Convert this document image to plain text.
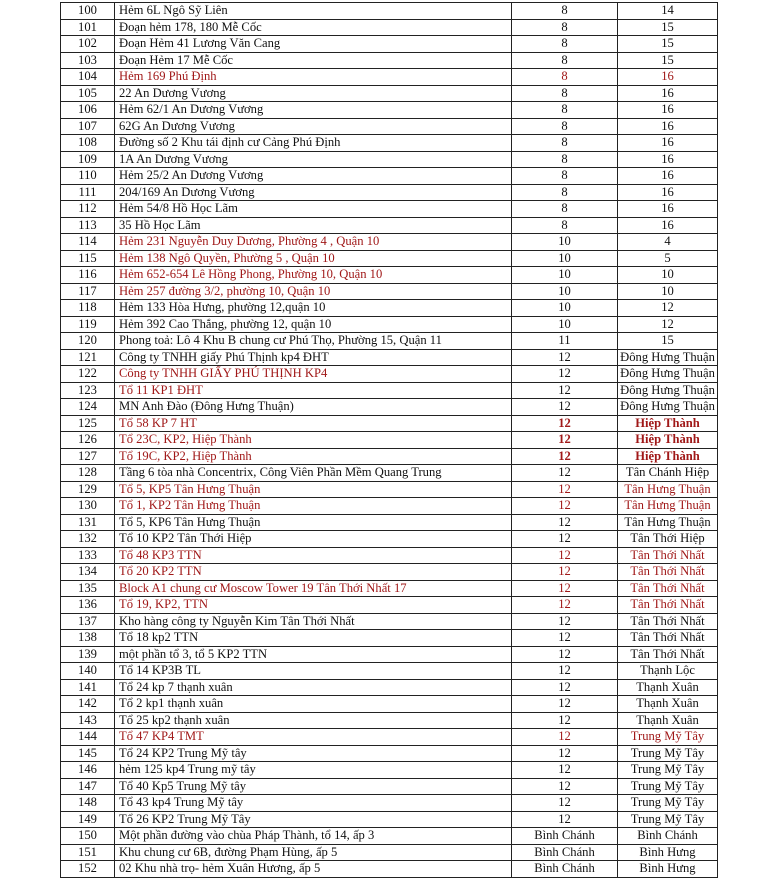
100	Hẻm 6L Ngô Sỹ Liên	8	14
101	Đoạn hẻm 178, 180 Mễ Cốc	8	15
102	Đoạn Hẻm 41 Lương Văn Cang	8	15
103	Đoạn Hẻm 17 Mễ Cốc	8	15
104	Hẻm 169 Phú Định	8	16
105	22 An Dương Vương	8	16
106	Hẻm 62/1 An Dương Vương	8	16
107	62G An Dương Vương	8	16
108	Đường số 2 Khu tái định cư Cảng Phú Định	8	16
109	1A An Dương Vương	8	16
110	Hẻm 25/2 An Dương Vương	8	16
111	204/169 An Dương Vương	8	16
112	Hẻm 54/8 Hồ Học Lãm	8	16
113	35 Hồ Học Lãm	8	16
114	Hẻm 231 Nguyễn Duy Dương, Phường 4 , Quận 10	10	4
115	Hẻm 138 Ngô Quyền, Phường 5 , Quận 10	10	5
116	Hẻm 652-654 Lê Hồng Phong, Phường 10, Quận 10	10	10
117	Hẻm 257 đường 3/2, phường 10, Quận 10	10	10
118	Hẻm 133 Hòa Hưng, phường 12,quận 10	10	12
119	Hẻm 392 Cao Thắng, phường 12, quận 10	10	12
120	Phong toả: Lô 4 Khu B chung cư Phú Thọ, Phường 15, Quận 11	11	15
121	Công ty TNHH giấy Phú Thịnh kp4 ĐHT	12	Đông Hưng Thuận
122	Công ty TNHH GIẤY PHÚ THỊNH KP4	12	Đông Hưng Thuận
123	Tổ 11 KP1 ĐHT	12	Đông Hưng Thuận
124	MN Anh Đào (Đông Hưng Thuận)	12	Đông Hưng Thuận
125	Tổ 58 KP 7 HT	12	Hiệp Thành
126	Tổ 23C, KP2, Hiệp Thành	12	Hiệp Thành
127	Tổ 19C, KP2, Hiệp Thành	12	Hiệp Thành
128	Tầng 6 tòa nhà Concentrix, Công Viên Phần Mềm Quang Trung	12	Tân Chánh Hiệp
129	Tổ 5, KP5 Tân Hưng Thuận	12	Tân Hưng Thuận
130	Tổ 1, KP2 Tân Hưng Thuận	12	Tân Hưng Thuận
131	Tổ 5, KP6 Tân Hưng Thuận	12	Tân Hưng Thuận
132	Tổ 10 KP2 Tân Thới Hiệp	12	Tân Thới Hiệp
133	Tổ 48 KP3 TTN	12	Tân Thới Nhất
134	Tổ 20 KP2 TTN	12	Tân Thới Nhất
135	Block A1 chung cư Moscow Tower 19 Tân Thới Nhất 17	12	Tân Thới Nhất
136	Tổ 19, KP2, TTN	12	Tân Thới Nhất
137	Kho hàng công ty Nguyễn Kim Tân Thới Nhất	12	Tân Thới Nhất
138	Tổ 18 kp2 TTN	12	Tân Thới Nhất
139	một phần tổ 3, tổ 5 KP2 TTN	12	Tân Thới Nhất
140	Tổ 14 KP3B TL	12	Thạnh Lộc
141	Tổ 24 kp 7 thạnh xuân	12	Thạnh Xuân
142	Tổ 2 kp1 thạnh xuân	12	Thạnh Xuân
143	Tổ 25 kp2 thạnh xuân	12	Thạnh Xuân
144	Tổ 47 KP4 TMT	12	Trung Mỹ Tây
145	Tổ 24 KP2 Trung Mỹ tây	12	Trung Mỹ Tây
146	hẻm 125 kp4 Trung mỹ tây	12	Trung Mỹ Tây
147	Tổ 40 Kp5 Trung Mỹ tây	12	Trung Mỹ Tây
148	Tổ 43 kp4 Trung Mỹ tây	12	Trung Mỹ Tây
149	Tổ 26 KP2 Trung Mỹ Tây	12	Trung Mỹ Tây
150	Một phần đường vào chùa Pháp Thành, tổ 14, ấp 3	Bình Chánh	Bình Chánh
151	Khu chung cư 6B, đường Phạm Hùng, ấp 5	Bình Chánh	Bình Hưng
152	02 Khu nhà trọ- hẻm Xuân Hương, ấp 5	Bình Chánh	Bình Hưng
